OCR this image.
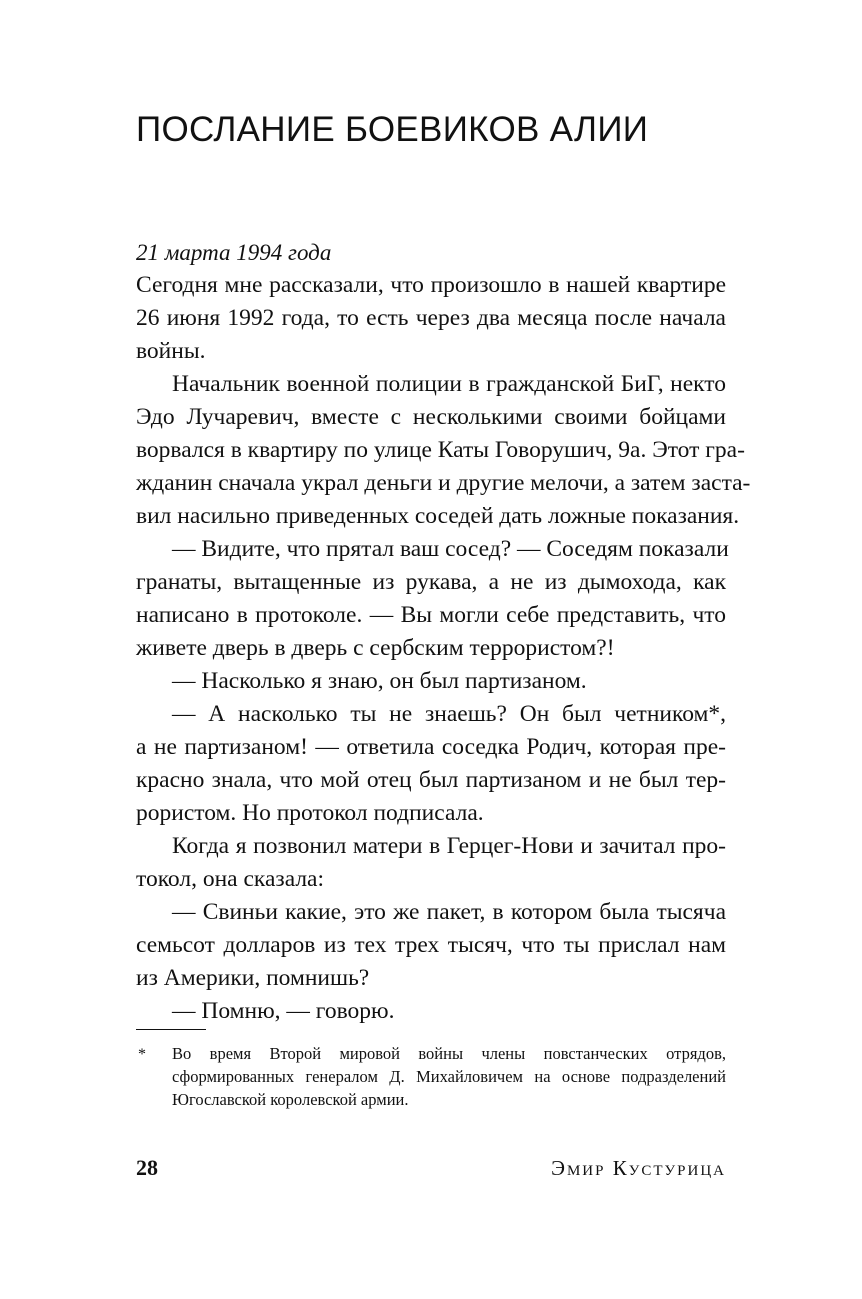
ПОСЛАНИЕ БОЕВИКОВ АЛИИ
21 марта 1994 года
Сегодня мне рассказали, что произошло в нашей квартире
26 июня 1992 года, то есть через два месяца после начала
войны.
Начальник военной полиции в гражданской БиГ, некто
Эдо Лучаревич, вместе с несколькими своими бойцами
ворвался в квартиру по улице Каты Говорушич, 9а. Этот гра-
жданин сначала украл деньги и другие мелочи, а затем заста-
вил насильно приведенных соседей дать ложные показания.
— Видите, что прятал ваш сосед? — Соседям показали
гранаты, вытащенные из рукава, а не из дымохода, как
написано в протоколе. — Вы могли себе представить, что
живете дверь в дверь с сербским террористом?!
— Насколько я знаю, он был партизаном.
— А насколько ты не знаешь? Он был четником*,
а не партизаном! — ответила соседка Родич, которая пре-
красно знала, что мой отец был партизаном и не был тер-
рористом. Но протокол подписала.
Когда я позвонил матери в Герцег-Нови и зачитал про-
токол, она сказала:
— Свиньи какие, это же пакет, в котором была тысяча
семьсот долларов из тех трех тысяч, что ты прислал нам
из Америки, помнишь?
— Помню, — говорю.
* Во время Второй мировой войны члены повстанческих отрядов,
сформированных генералом Д. Михайловичем на основе подразделений
Югославской королевской армии.
28	Эмир Кустурица
